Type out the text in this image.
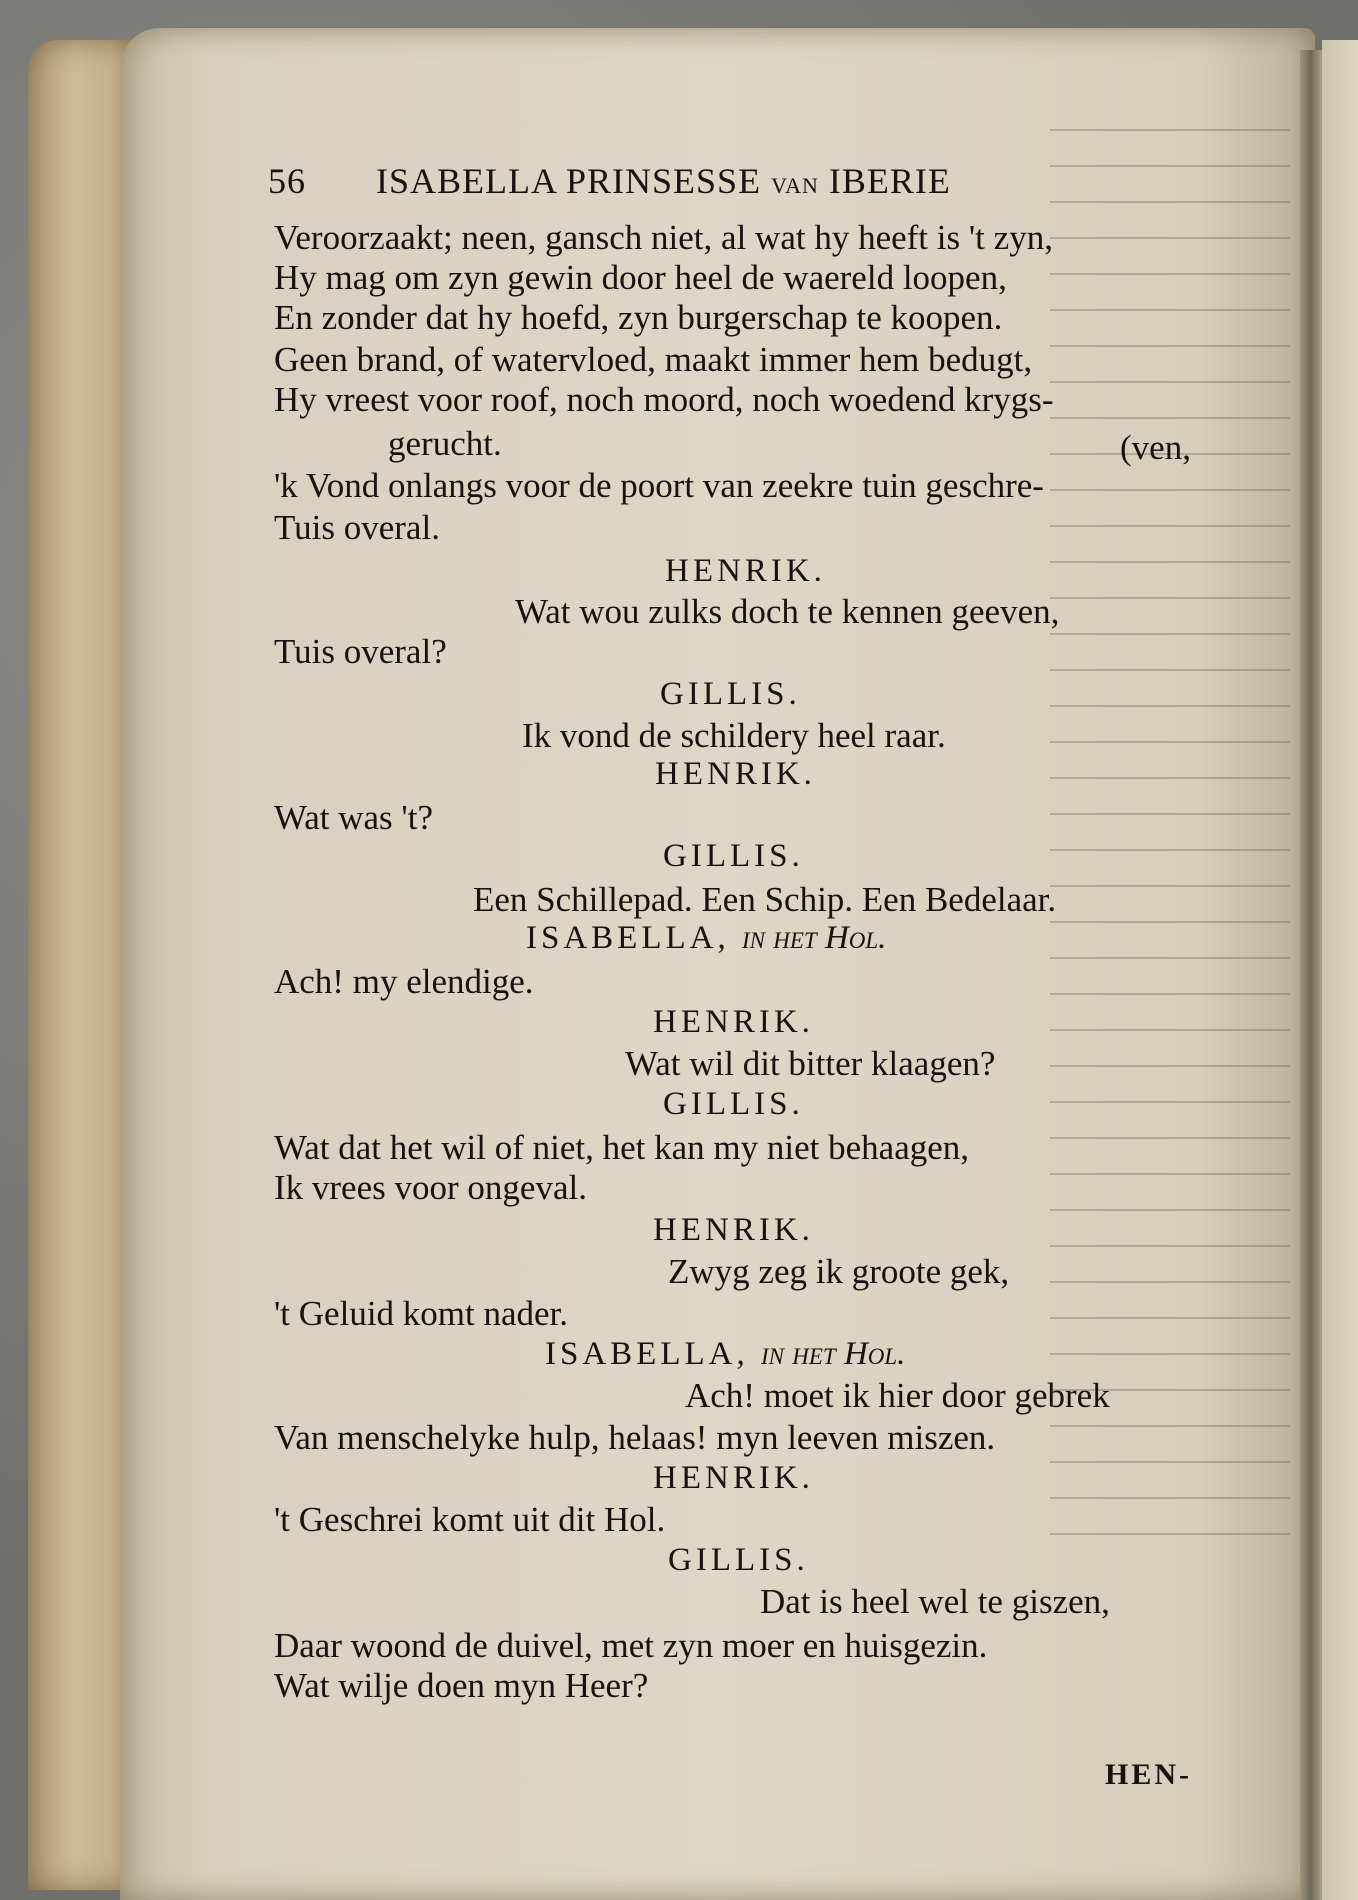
56 ISABELLA PRINSESSE van IBERIE
Veroorzaakt; neen, gansch niet, al wat hy heeft is 't zyn,
Hy mag om zyn gewin door heel de waereld loopen,
En zonder dat hy hoefd, zyn burgerschap te koopen.
Geen brand, of watervloed, maakt immer hem bedugt,
Hy vreest voor roof, noch moord, noch woedend krygs-
gerucht.	(ven,
'k Vond onlangs voor de poort van zeekre tuin geschre-
Tuis overal.
HENRIK.
Wat wou zulks doch te kennen geeven,
Tuis overal?
GILLIS.
Ik vond de schildery heel raar.
HENRIK.
Wat was 't?
GILLIS.
Een Schillepad. Een Schip. Een Bedelaar.
ISABELLA, in het Hol.
Ach! my elendige.
HENRIK.
Wat wil dit bitter klaagen?
GILLIS.
Wat dat het wil of niet, het kan my niet behaagen,
Ik vrees voor ongeval.
HENRIK.
Zwyg zeg ik groote gek,
't Geluid komt nader.
ISABELLA, in het Hol.
Ach! moet ik hier door gebrek
Van menschelyke hulp, helaas! myn leeven miszen.
HENRIK.
't Geschrei komt uit dit Hol.
GILLIS.
Dat is heel wel te giszen,
Daar woond de duivel, met zyn moer en huisgezin.
Wat wilje doen myn Heer?
HEN-
